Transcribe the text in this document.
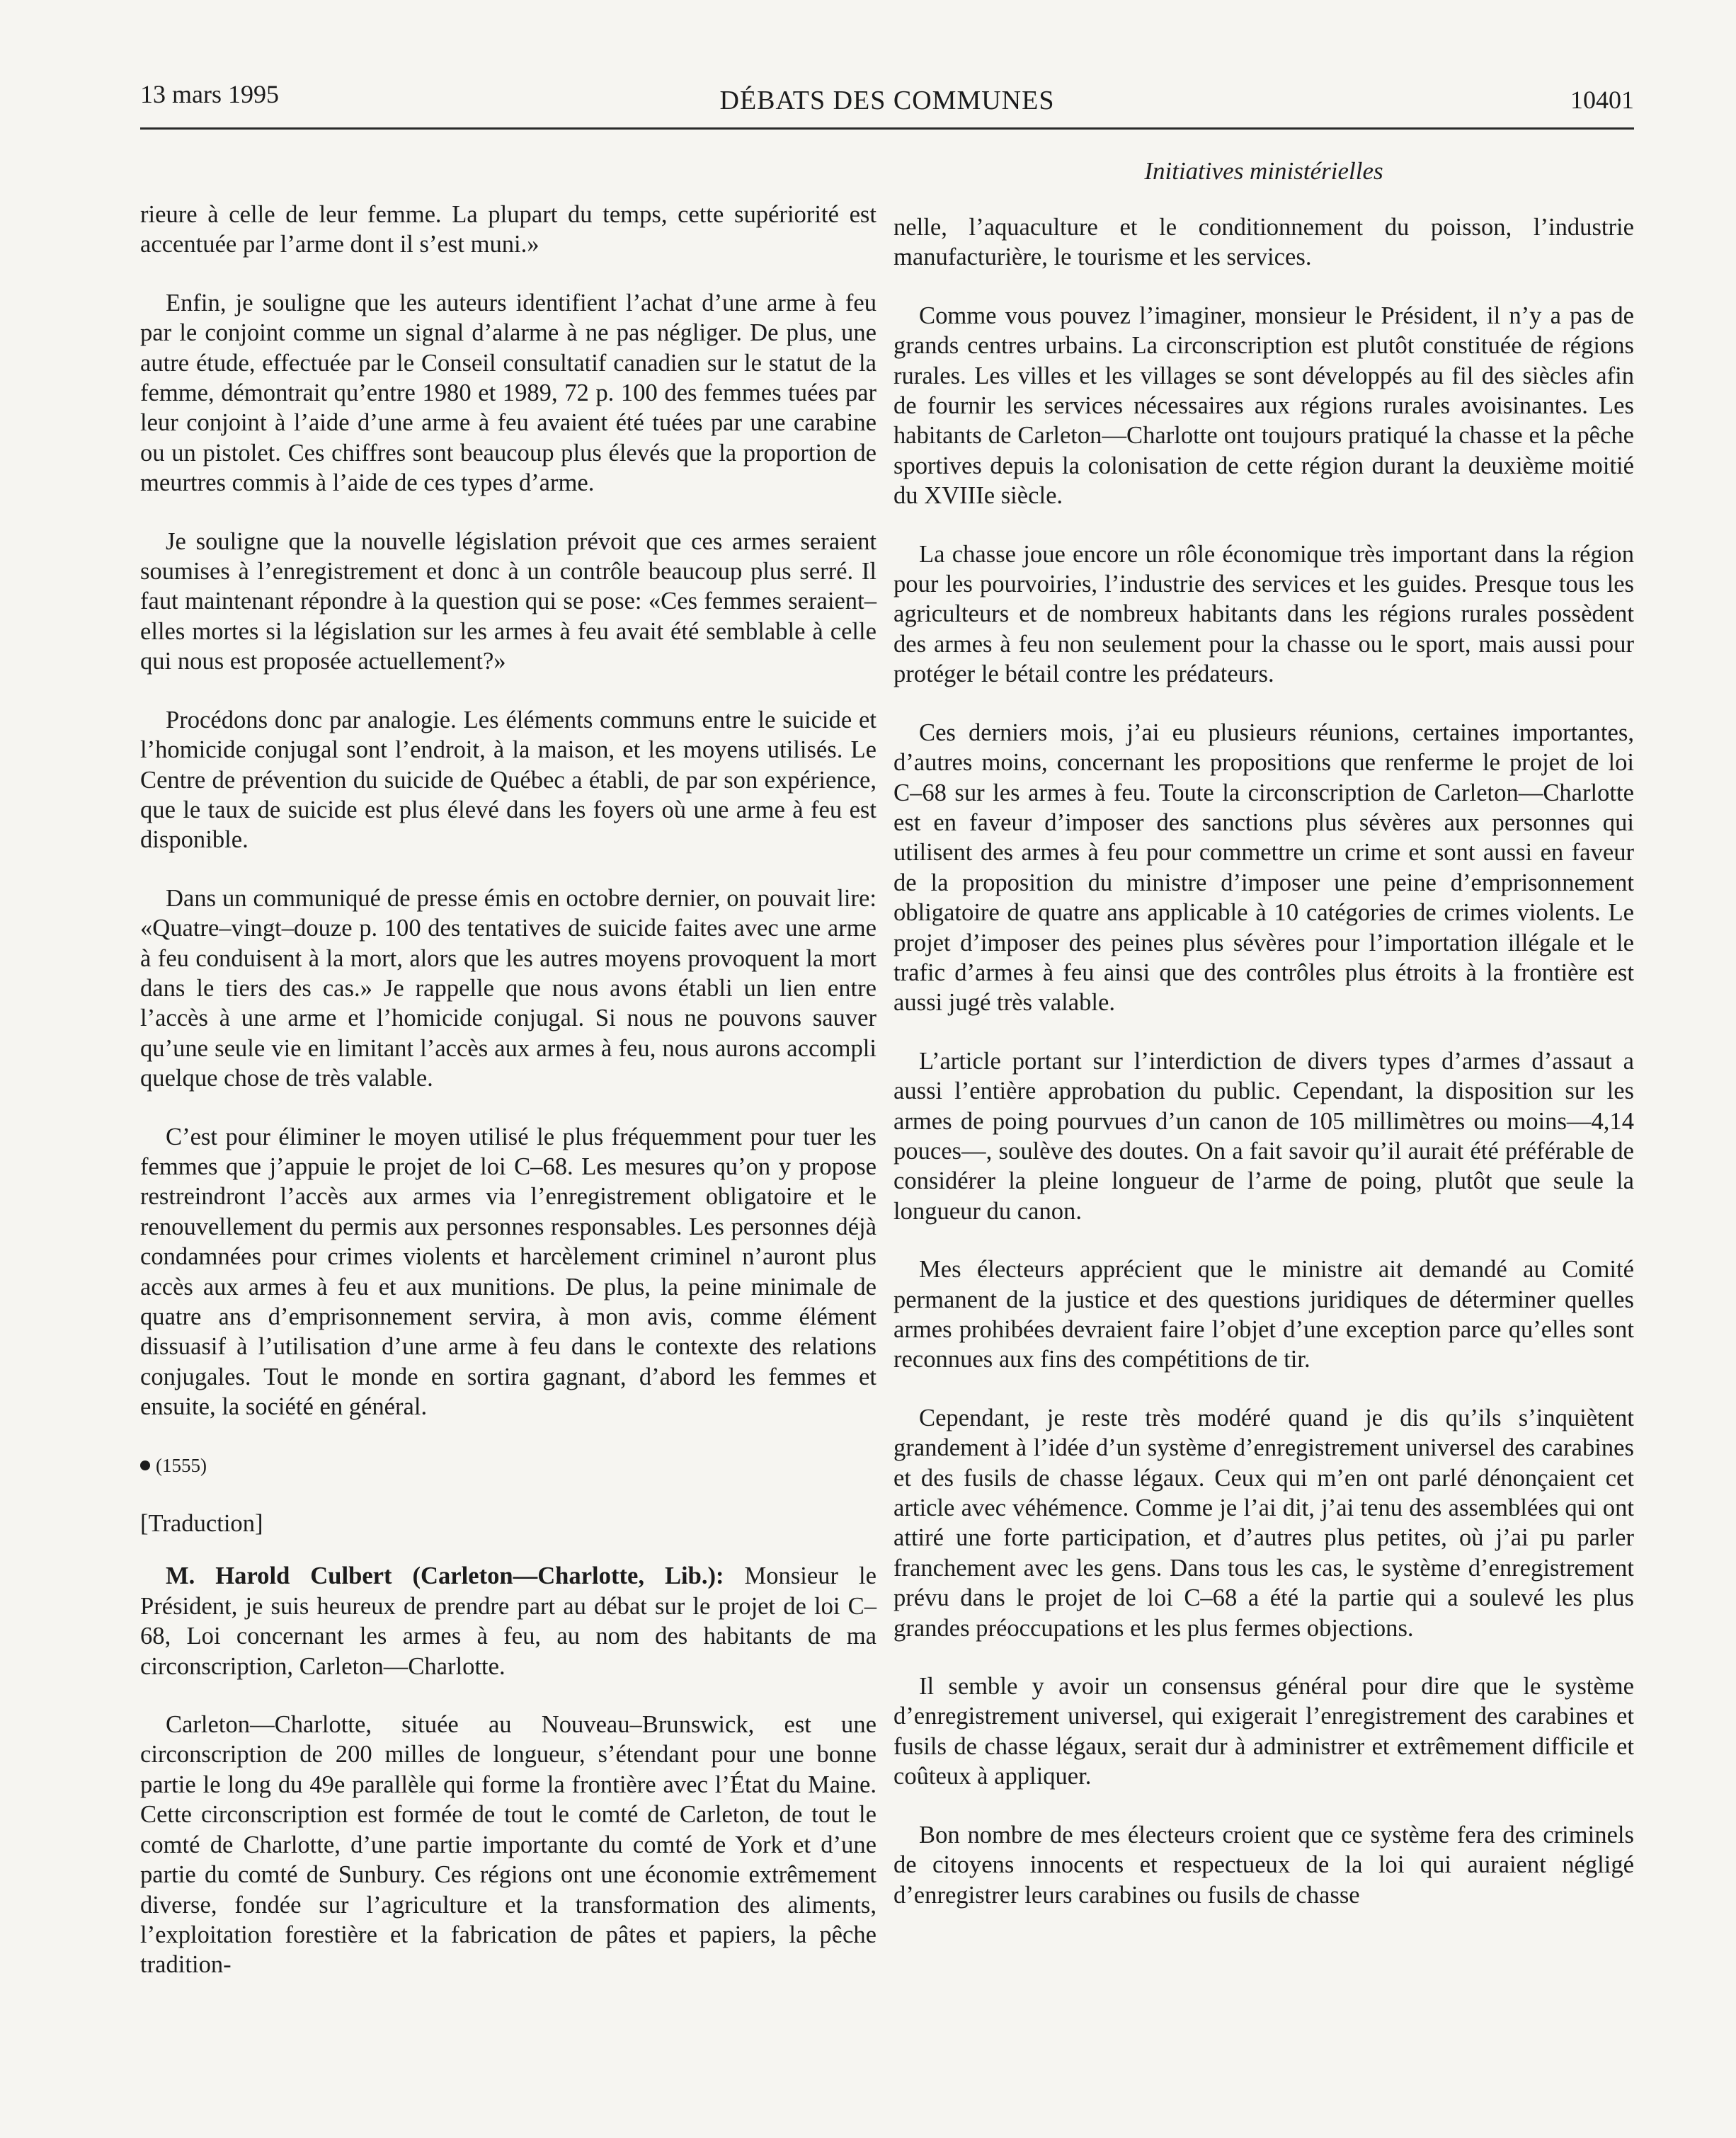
13 mars 1995	DÉBATS DES COMMUNES	10401
Initiatives ministérielles

rieure à celle de leur femme. La plupart du temps, cette supériorité est accentuée par l’arme dont il s’est muni.»

Enfin, je souligne que les auteurs identifient l’achat d’une arme à feu par le conjoint comme un signal d’alarme à ne pas négliger. De plus, une autre étude, effectuée par le Conseil consultatif canadien sur le statut de la femme, démontrait qu’entre 1980 et 1989, 72 p. 100 des femmes tuées par leur conjoint à l’aide d’une arme à feu avaient été tuées par une carabine ou un pistolet. Ces chiffres sont beaucoup plus élevés que la proportion de meurtres commis à l’aide de ces types d’arme.

Je souligne que la nouvelle législation prévoit que ces armes seraient soumises à l’enregistrement et donc à un contrôle beaucoup plus serré. Il faut maintenant répondre à la question qui se pose: «Ces femmes seraient–elles mortes si la législation sur les armes à feu avait été semblable à celle qui nous est proposée actuellement?»

Procédons donc par analogie. Les éléments communs entre le suicide et l’homicide conjugal sont l’endroit, à la maison, et les moyens utilisés. Le Centre de prévention du suicide de Québec a établi, de par son expérience, que le taux de suicide est plus élevé dans les foyers où une arme à feu est disponible.

Dans un communiqué de presse émis en octobre dernier, on pouvait lire: «Quatre–vingt–douze p. 100 des tentatives de suicide faites avec une arme à feu conduisent à la mort, alors que les autres moyens provoquent la mort dans le tiers des cas.» Je rappelle que nous avons établi un lien entre l’accès à une arme et l’homicide conjugal. Si nous ne pouvons sauver qu’une seule vie en limitant l’accès aux armes à feu, nous aurons accompli quelque chose de très valable.

C’est pour éliminer le moyen utilisé le plus fréquemment pour tuer les femmes que j’appuie le projet de loi C–68. Les mesures qu’on y propose restreindront l’accès aux armes via l’enregistrement obligatoire et le renouvellement du permis aux personnes responsables. Les personnes déjà condamnées pour crimes violents et harcèlement criminel n’auront plus accès aux armes à feu et aux munitions. De plus, la peine minimale de quatre ans d’emprisonnement servira, à mon avis, comme élément dissuasif à l’utilisation d’une arme à feu dans le contexte des relations conjugales. Tout le monde en sortira gagnant, d’abord les femmes et ensuite, la société en général.

(1555)
[Traduction]

M. Harold Culbert (Carleton—Charlotte, Lib.): Monsieur le Président, je suis heureux de prendre part au débat sur le projet de loi C–68, Loi concernant les armes à feu, au nom des habitants de ma circonscription, Carleton—Charlotte.

Carleton—Charlotte, située au Nouveau–Brunswick, est une circonscription de 200 milles de longueur, s’étendant pour une bonne partie le long du 49e parallèle qui forme la frontière avec l’État du Maine. Cette circonscription est formée de tout le comté de Carleton, de tout le comté de Charlotte, d’une partie importante du comté de York et d’une partie du comté de Sunbury. Ces régions ont une économie extrêmement diverse, fondée sur l’agriculture et la transformation des aliments, l’exploitation forestière et la fabrication de pâtes et papiers, la pêche tradition-

nelle, l’aquaculture et le conditionnement du poisson, l’industrie manufacturière, le tourisme et les services.

Comme vous pouvez l’imaginer, monsieur le Président, il n’y a pas de grands centres urbains. La circonscription est plutôt constituée de régions rurales. Les villes et les villages se sont développés au fil des siècles afin de fournir les services nécessaires aux régions rurales avoisinantes. Les habitants de Carleton—Charlotte ont toujours pratiqué la chasse et la pêche sportives depuis la colonisation de cette région durant la deuxième moitié du XVIIIe siècle.

La chasse joue encore un rôle économique très important dans la région pour les pourvoiries, l’industrie des services et les guides. Presque tous les agriculteurs et de nombreux habitants dans les régions rurales possèdent des armes à feu non seulement pour la chasse ou le sport, mais aussi pour protéger le bétail contre les prédateurs.

Ces derniers mois, j’ai eu plusieurs réunions, certaines importantes, d’autres moins, concernant les propositions que renferme le projet de loi C–68 sur les armes à feu. Toute la circonscription de Carleton—Charlotte est en faveur d’imposer des sanctions plus sévères aux personnes qui utilisent des armes à feu pour commettre un crime et sont aussi en faveur de la proposition du ministre d’imposer une peine d’emprisonnement obligatoire de quatre ans applicable à 10 catégories de crimes violents. Le projet d’imposer des peines plus sévères pour l’importation illégale et le trafic d’armes à feu ainsi que des contrôles plus étroits à la frontière est aussi jugé très valable.

L’article portant sur l’interdiction de divers types d’armes d’assaut a aussi l’entière approbation du public. Cependant, la disposition sur les armes de poing pourvues d’un canon de 105 millimètres ou moins—4,14 pouces—, soulève des doutes. On a fait savoir qu’il aurait été préférable de considérer la pleine longueur de l’arme de poing, plutôt que seule la longueur du canon.

Mes électeurs apprécient que le ministre ait demandé au Comité permanent de la justice et des questions juridiques de déterminer quelles armes prohibées devraient faire l’objet d’une exception parce qu’elles sont reconnues aux fins des compétitions de tir.

Cependant, je reste très modéré quand je dis qu’ils s’inquiètent grandement à l’idée d’un système d’enregistrement universel des carabines et des fusils de chasse légaux. Ceux qui m’en ont parlé dénonçaient cet article avec véhémence. Comme je l’ai dit, j’ai tenu des assemblées qui ont attiré une forte participation, et d’autres plus petites, où j’ai pu parler franchement avec les gens. Dans tous les cas, le système d’enregistrement prévu dans le projet de loi C–68 a été la partie qui a soulevé les plus grandes préoccupations et les plus fermes objections.

Il semble y avoir un consensus général pour dire que le système d’enregistrement universel, qui exigerait l’enregistrement des carabines et fusils de chasse légaux, serait dur à administrer et extrêmement difficile et coûteux à appliquer.

Bon nombre de mes électeurs croient que ce système fera des criminels de citoyens innocents et respectueux de la loi qui auraient négligé d’enregistrer leurs carabines ou fusils de chasse
